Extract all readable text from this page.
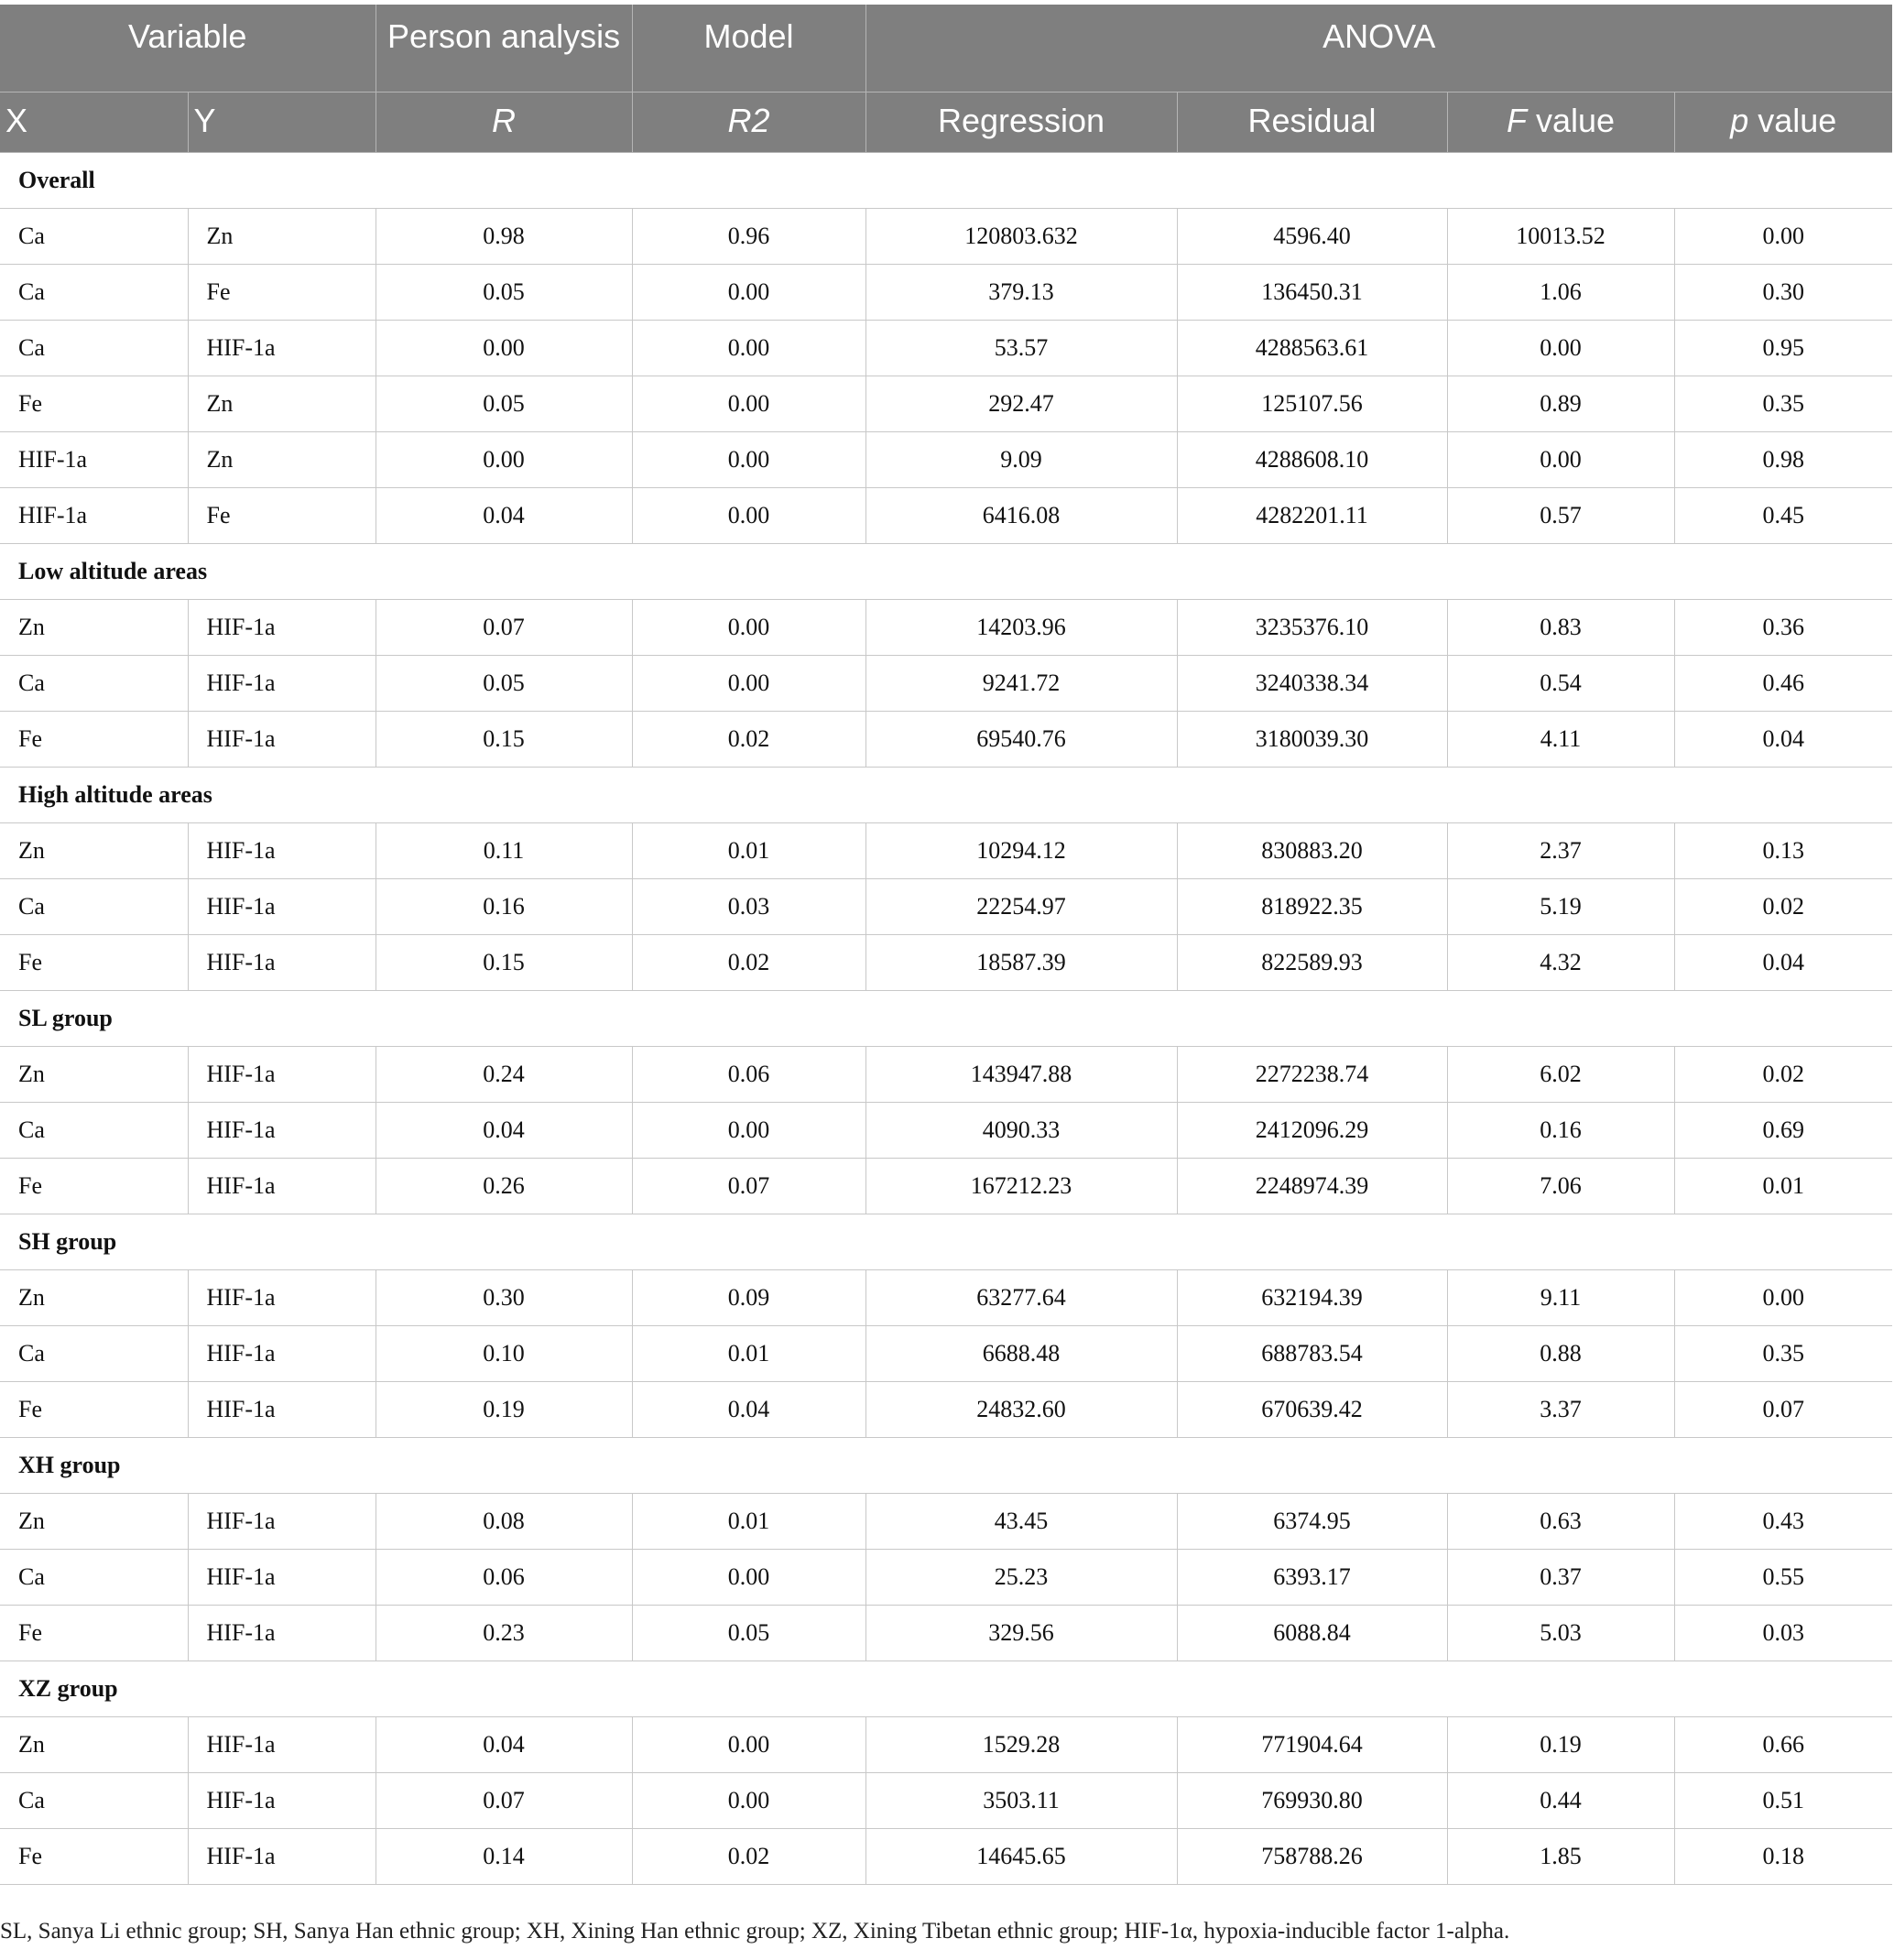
Variable		Person analysis	Model	ANOVA			
X	Y	R	R2	Regression	Residual	F value	p value
Overall							
Ca	Zn	0.98	0.96	120803.632	4596.40	10013.52	0.00
Ca	Fe	0.05	0.00	379.13	136450.31	1.06	0.30
Ca	HIF-1a	0.00	0.00	53.57	4288563.61	0.00	0.95
Fe	Zn	0.05	0.00	292.47	125107.56	0.89	0.35
HIF-1a	Zn	0.00	0.00	9.09	4288608.10	0.00	0.98
HIF-1a	Fe	0.04	0.00	6416.08	4282201.11	0.57	0.45
Low altitude areas							
Zn	HIF-1a	0.07	0.00	14203.96	3235376.10	0.83	0.36
Ca	HIF-1a	0.05	0.00	9241.72	3240338.34	0.54	0.46
Fe	HIF-1a	0.15	0.02	69540.76	3180039.30	4.11	0.04
High altitude areas							
Zn	HIF-1a	0.11	0.01	10294.12	830883.20	2.37	0.13
Ca	HIF-1a	0.16	0.03	22254.97	818922.35	5.19	0.02
Fe	HIF-1a	0.15	0.02	18587.39	822589.93	4.32	0.04
SL group							
Zn	HIF-1a	0.24	0.06	143947.88	2272238.74	6.02	0.02
Ca	HIF-1a	0.04	0.00	4090.33	2412096.29	0.16	0.69
Fe	HIF-1a	0.26	0.07	167212.23	2248974.39	7.06	0.01
SH group							
Zn	HIF-1a	0.30	0.09	63277.64	632194.39	9.11	0.00
Ca	HIF-1a	0.10	0.01	6688.48	688783.54	0.88	0.35
Fe	HIF-1a	0.19	0.04	24832.60	670639.42	3.37	0.07
XH group							
Zn	HIF-1a	0.08	0.01	43.45	6374.95	0.63	0.43
Ca	HIF-1a	0.06	0.00	25.23	6393.17	0.37	0.55
Fe	HIF-1a	0.23	0.05	329.56	6088.84	5.03	0.03
XZ group							
Zn	HIF-1a	0.04	0.00	1529.28	771904.64	0.19	0.66
Ca	HIF-1a	0.07	0.00	3503.11	769930.80	0.44	0.51
Fe	HIF-1a	0.14	0.02	14645.65	758788.26	1.85	0.18
SL, Sanya Li ethnic group; SH, Sanya Han ethnic group; XH, Xining Han ethnic group; XZ, Xining Tibetan ethnic group; HIF-1α, hypoxia-inducible factor 1-alpha.
